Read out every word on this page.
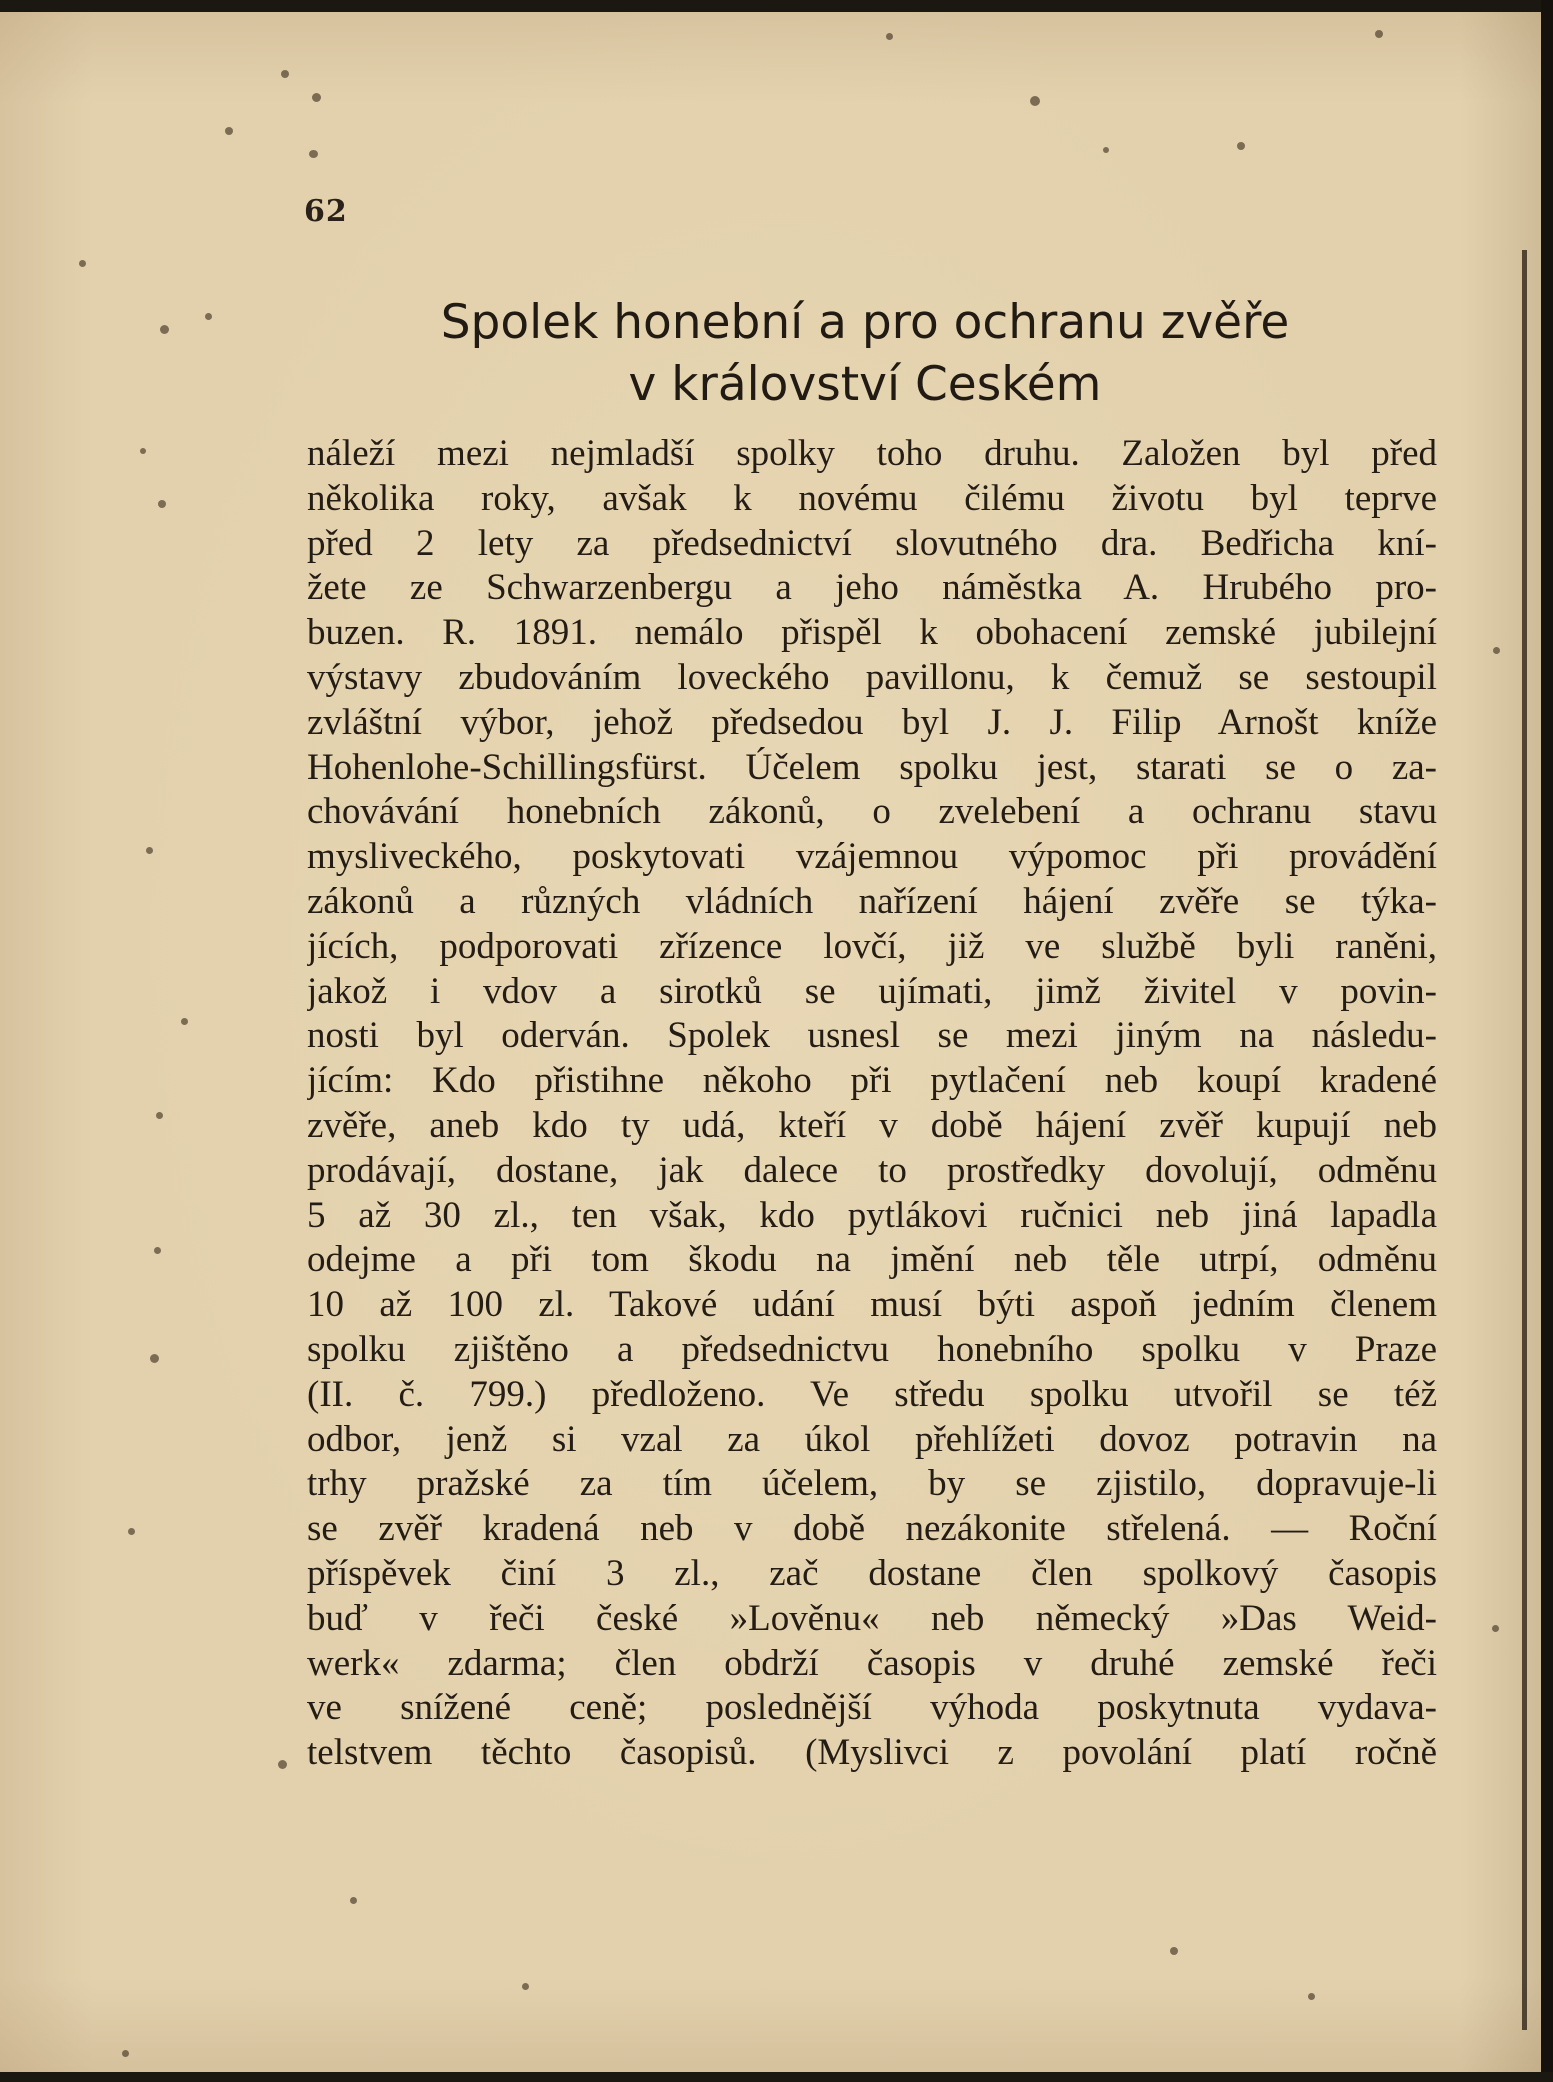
62
Spolek honební a pro ochranu zvěře
v království Ceském
náleží mezi nejmladší spolky toho druhu. Založen byl před
několika roky, avšak k novému čilému životu byl teprve
před 2 lety za předsednictví slovutného dra. Bedřicha kní-
žete ze Schwarzenbergu a jeho náměstka A. Hrubého pro-
buzen. R. 1891. nemálo přispěl k obohacení zemské jubilejní
výstavy zbudováním loveckého pavillonu, k čemuž se sestoupil
zvláštní výbor, jehož předsedou byl J. J. Filip Arnošt kníže
Hohenlohe-Schillingsfürst. Účelem spolku jest, starati se o za-
chovávání honebních zákonů, o zvelebení a ochranu stavu
mysliveckého, poskytovati vzájemnou výpomoc při provádění
zákonů a různých vládních nařízení hájení zvěře se týka-
jících, podporovati zřízence lovčí, již ve službě byli raněni,
jakož i vdov a sirotků se ujímati, jimž živitel v povin-
nosti byl oderván. Spolek usnesl se mezi jiným na následu-
jícím: Kdo přistihne někoho při pytlačení neb koupí kradené
zvěře, aneb kdo ty udá, kteří v době hájení zvěř kupují neb
prodávají, dostane, jak dalece to prostředky dovolují, odměnu
5 až 30 zl., ten však, kdo pytlákovi ručnici neb jiná lapadla
odejme a při tom škodu na jmění neb těle utrpí, odměnu
10 až 100 zl. Takové udání musí býti aspoň jedním členem
spolku zjištěno a předsednictvu honebního spolku v Praze
(II. č. 799.) předloženo. Ve středu spolku utvořil se též
odbor, jenž si vzal za úkol přehlížeti dovoz potravin na
trhy pražské za tím účelem, by se zjistilo, dopravuje-li
se zvěř kradená neb v době nezákonite střelená. — Roční
příspěvek činí 3 zl., zač dostane člen spolkový časopis
buď v řeči české »Lověnu« neb německý »Das Weid-
werk« zdarma; člen obdrží časopis v druhé zemské řeči
ve snížené ceně; poslednější výhoda poskytnuta vydava-
telstvem těchto časopisů. (Myslivci z povolání platí ročně
